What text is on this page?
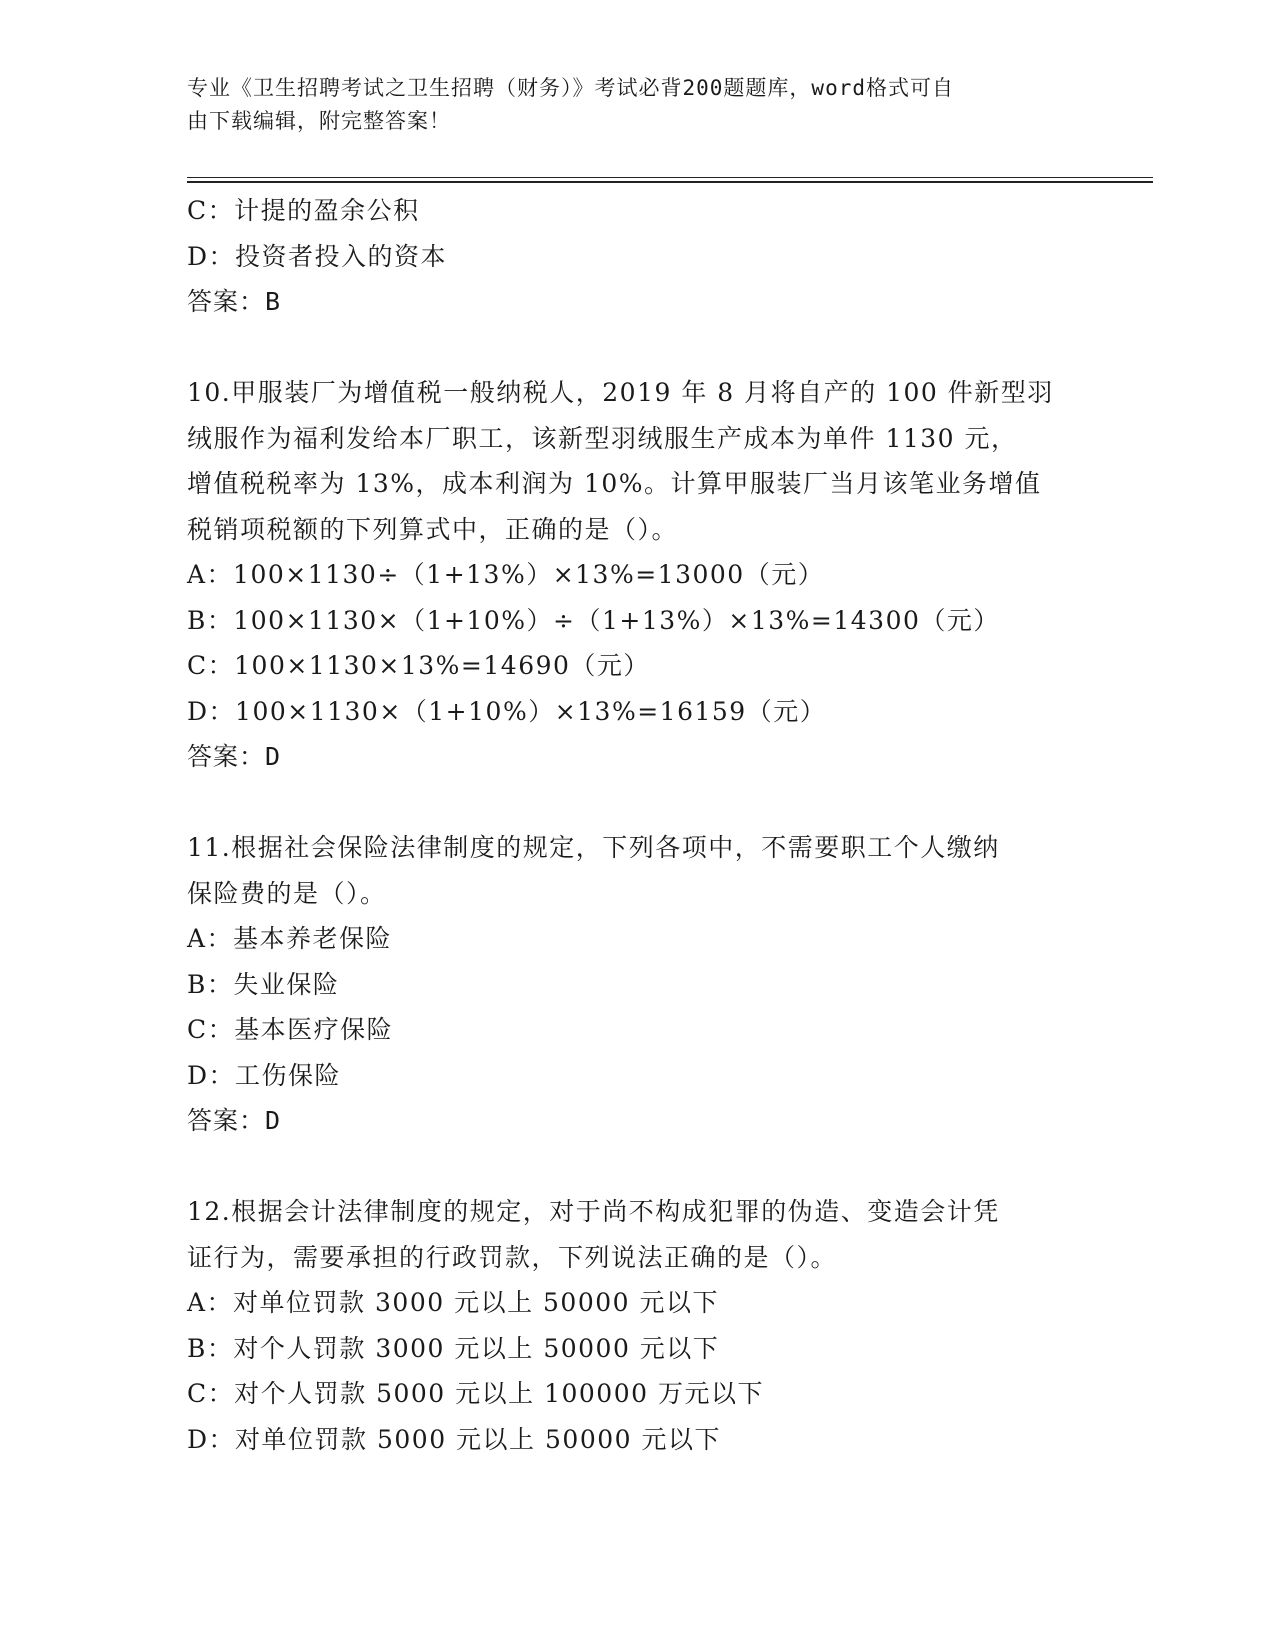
专业《卫生招聘考试之卫生招聘（财务）》考试必背200题题库，word格式可自
由下载编辑，附完整答案！
C：计提的盈余公积
D：投资者投入的资本
答案：B
10.甲服装厂为增值税一般纳税人，2019 年 8 月将自产的 100 件新型羽
绒服作为福利发给本厂职工，该新型羽绒服生产成本为单件 1130 元，
增值税税率为 13%，成本利润为 10%。计算甲服装厂当月该笔业务增值
税销项税额的下列算式中，正确的是（）。
A：100×1130÷（1+13%）×13%=13000（元）
B：100×1130×（1+10%）÷（1+13%）×13%=14300（元）
C：100×1130×13%=14690（元）
D：100×1130×（1+10%）×13%=16159（元）
答案：D
11.根据社会保险法律制度的规定，下列各项中，不需要职工个人缴纳
保险费的是（）。
A：基本养老保险
B：失业保险
C：基本医疗保险
D：工伤保险
答案：D
12.根据会计法律制度的规定，对于尚不构成犯罪的伪造、变造会计凭
证行为，需要承担的行政罚款，下列说法正确的是（）。
A：对单位罚款 3000 元以上 50000 元以下
B：对个人罚款 3000 元以上 50000 元以下
C：对个人罚款 5000 元以上 100000 万元以下
D：对单位罚款 5000 元以上 50000 元以下
